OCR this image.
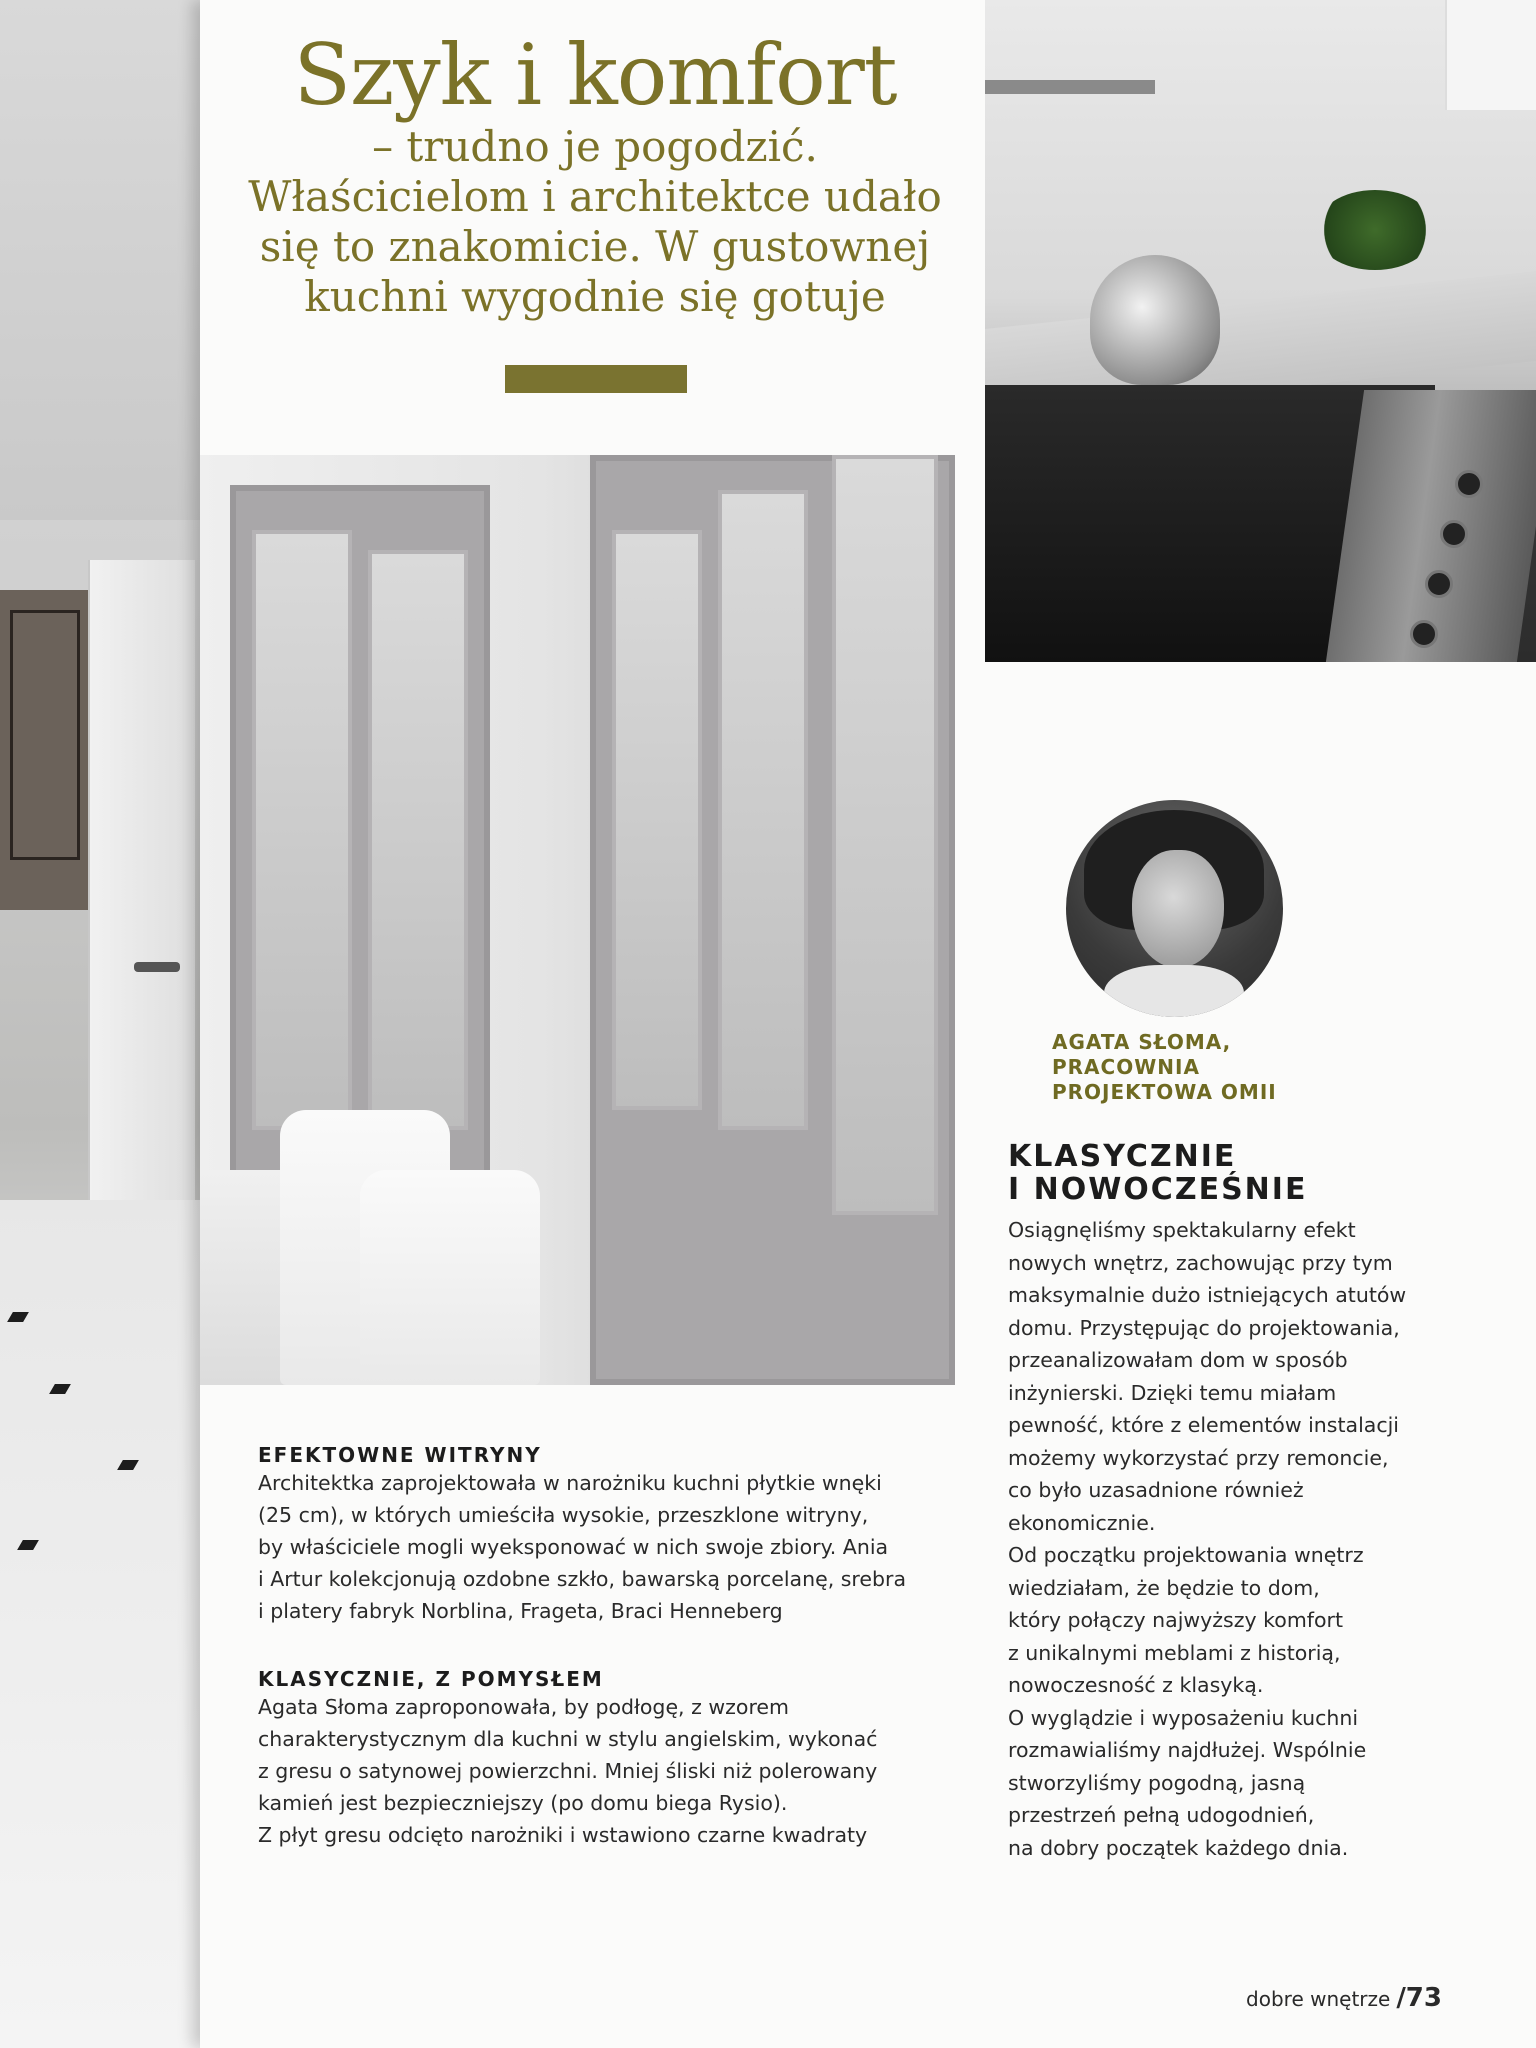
Szyk i komfort
– trudno je pogodzić.
Właścicielom i architektce udało
się to znakomicie. W gustownej
kuchni wygodnie się gotuje
EFEKTOWNE WITRYNY

Architektka zaprojektowała w narożniku kuchni płytkie wnęki
(25 cm), w których umieściła wysokie, przeszklone witryny,
by właściciele mogli wyeksponować w nich swoje zbiory. Ania
i Artur kolekcjonują ozdobne szkło, bawarską porcelanę, srebra
i platery fabryk Norblina, Frageta, Braci Henneberg

KLASYCZNIE, Z POMYSŁEM

Agata Słoma zaproponowała, by podłogę, z wzorem
charakterystycznym dla kuchni w stylu angielskim, wykonać
z gresu o satynowej powierzchni. Mniej śliski niż polerowany
kamień jest bezpieczniejszy (po domu biega Rysio).
Z płyt gresu odcięto narożniki i wstawiono czarne kwadraty

AGATA SŁOMA,
PRACOWNIA
PROJEKTOWA OMII
KLASYCZNIE
I NOWOCZEŚNIE

Osiągnęliśmy spektakularny efekt
nowych wnętrz, zachowując przy tym
maksymalnie dużo istniejących atutów
domu. Przystępując do projektowania,
przeanalizowałam dom w sposób
inżynierski. Dzięki temu miałam
pewność, które z elementów instalacji
możemy wykorzystać przy remoncie,
co było uzasadnione również
ekonomicznie.
Od początku projektowania wnętrz
wiedziałam, że będzie to dom,
który połączy najwyższy komfort
z unikalnymi meblami z historią,
nowoczesność z klasyką.
O wyglądzie i wyposażeniu kuchni
rozmawialiśmy najdłużej. Wspólnie
stworzyliśmy pogodną, jasną
przestrzeń pełną udogodnień,
na dobry początek każdego dnia.

dobre wnętrze /73
